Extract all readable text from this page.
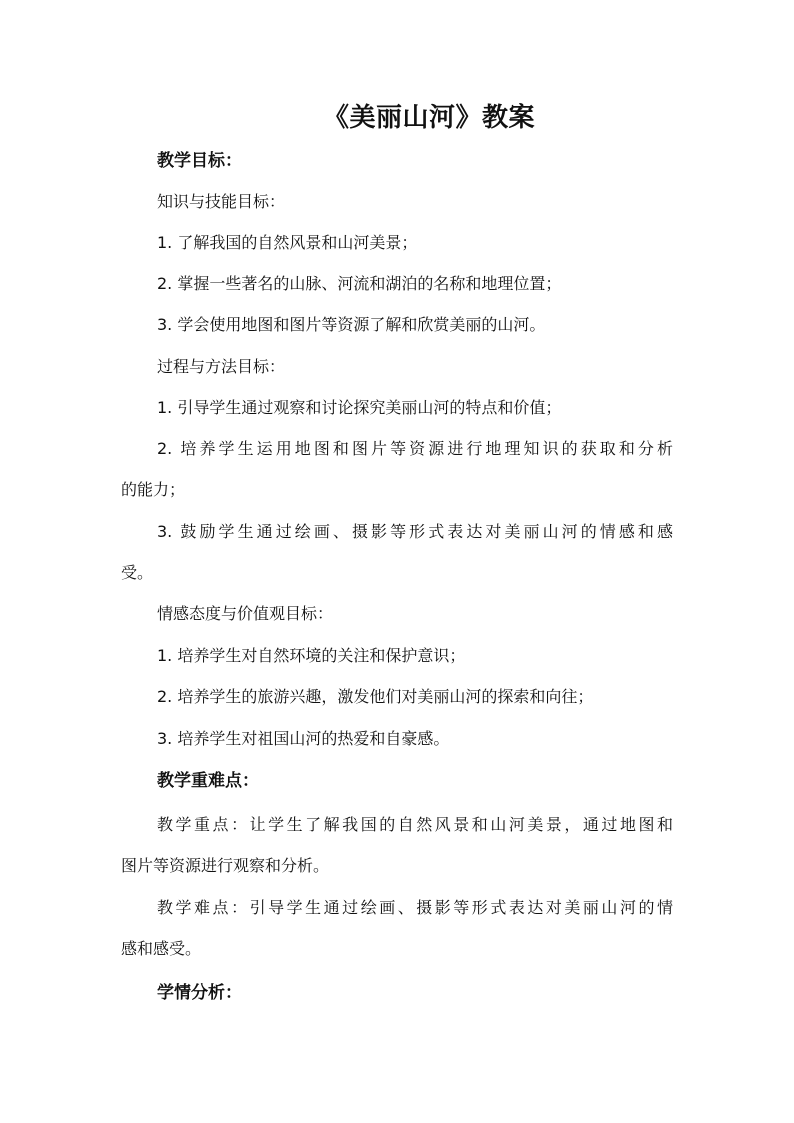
《美丽山河》教案
教学目标：
知识与技能目标：
1. 了解我国的自然风景和山河美景；
2. 掌握一些著名的山脉、河流和湖泊的名称和地理位置；
3. 学会使用地图和图片等资源了解和欣赏美丽的山河。
过程与方法目标：
1. 引导学生通过观察和讨论探究美丽山河的特点和价值；
2. 培养学生运用地图和图片等资源进行地理知识的获取和分析
的能力；
3. 鼓励学生通过绘画、摄影等形式表达对美丽山河的情感和感
受。
情感态度与价值观目标：
1. 培养学生对自然环境的关注和保护意识；
2. 培养学生的旅游兴趣，激发他们对美丽山河的探索和向往；
3. 培养学生对祖国山河的热爱和自豪感。
教学重难点：
教学重点：让学生了解我国的自然风景和山河美景，通过地图和
图片等资源进行观察和分析。
教学难点：引导学生通过绘画、摄影等形式表达对美丽山河的情
感和感受。
学情分析：
